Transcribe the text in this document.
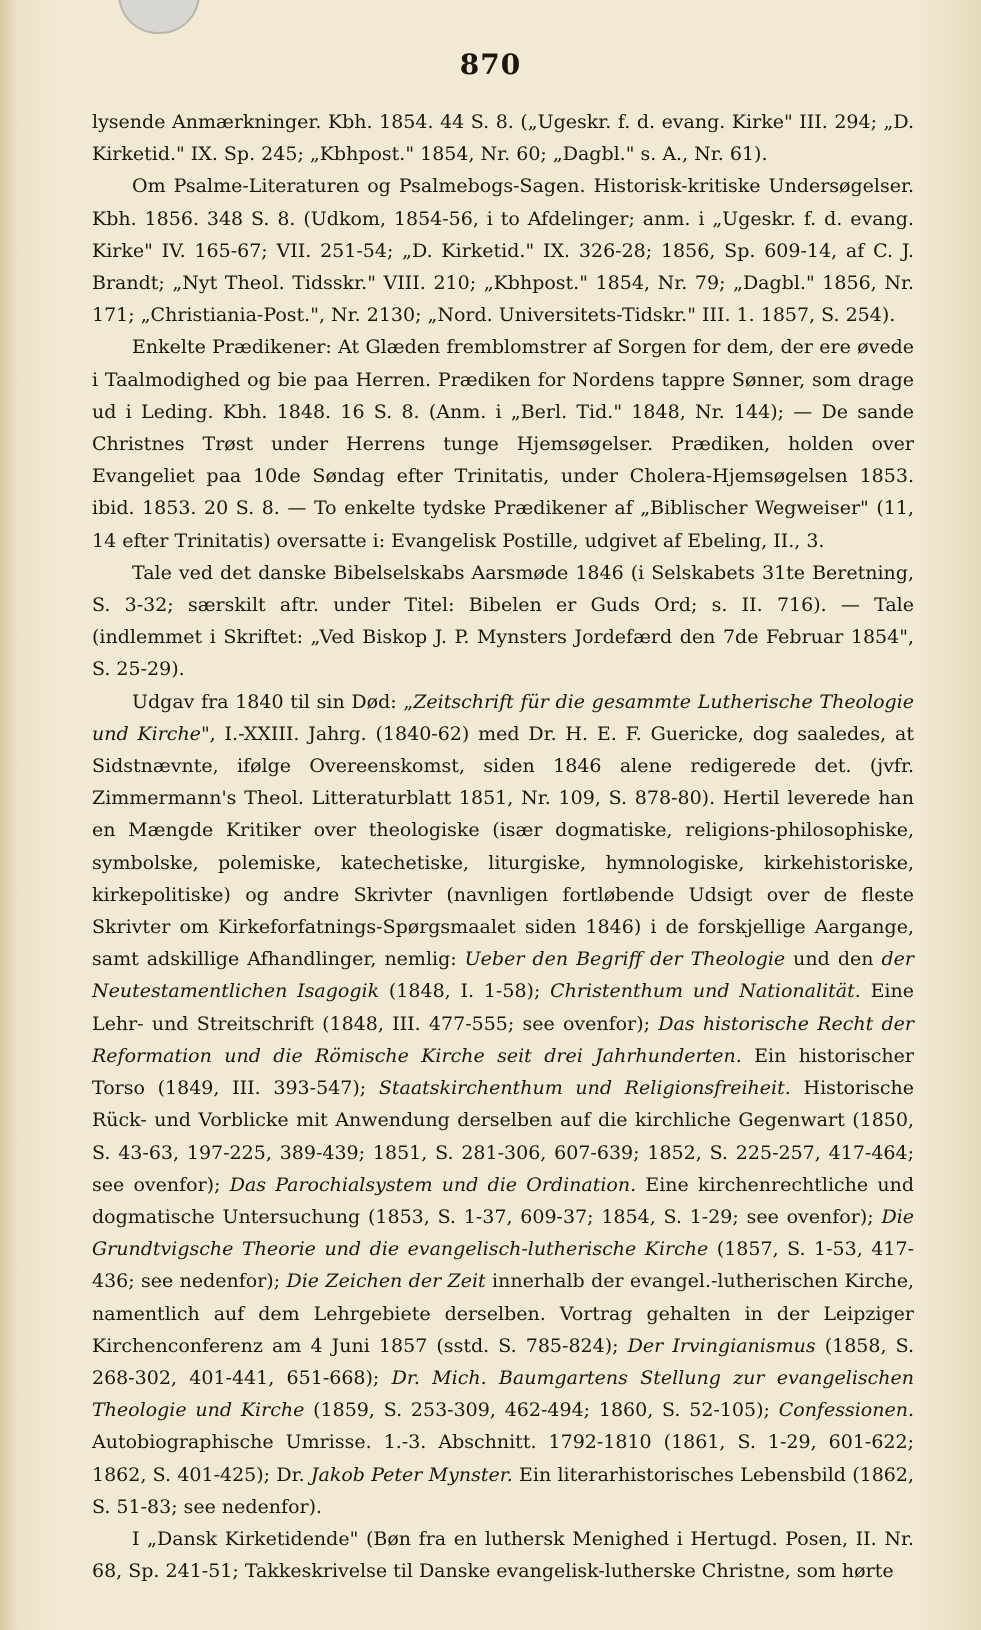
870

lysende Anmærkninger. Kbh. 1854. 44 S. 8. („Ugeskr. f. d. evang. Kirke" III. 294; „D. Kirketid." IX. Sp. 245; „Kbhpost." 1854, Nr. 60; „Dagbl." s. A., Nr. 61).

Om Psalme-Literaturen og Psalmebogs-Sagen. Historisk-kritiske Undersøgelser. Kbh. 1856. 348 S. 8. (Udkom, 1854-56, i to Afdelinger; anm. i „Ugeskr. f. d. evang. Kirke" IV. 165-67; VII. 251-54; „D. Kirketid." IX. 326-28; 1856, Sp. 609-14, af C. J. Brandt; „Nyt Theol. Tidsskr." VIII. 210; „Kbhpost." 1854, Nr. 79; „Dagbl." 1856, Nr. 171; „Christiania-Post.", Nr. 2130; „Nord. Universitets-Tidskr." III. 1. 1857, S. 254).

Enkelte Prædikener: At Glæden fremblomstrer af Sorgen for dem, der ere øvede i Taalmodighed og bie paa Herren. Prædiken for Nordens tappre Sønner, som drage ud i Leding. Kbh. 1848. 16 S. 8. (Anm. i „Berl. Tid." 1848, Nr. 144); — De sande Christnes Trøst under Herrens tunge Hjemsøgelser. Prædiken, holden over Evangeliet paa 10de Søndag efter Trinitatis, under Cholera-Hjemsøgelsen 1853. ibid. 1853. 20 S. 8. — To enkelte tydske Prædikener af „Biblischer Wegweiser" (11, 14 efter Trinitatis) oversatte i: Evangelisk Postille, udgivet af Ebeling, II., 3.

Tale ved det danske Bibelselskabs Aarsmøde 1846 (i Selskabets 31te Beretning, S. 3-32; særskilt aftr. under Titel: Bibelen er Guds Ord; s. II. 716). — Tale (indlemmet i Skriftet: „Ved Biskop J. P. Mynsters Jordefærd den 7de Februar 1854", S. 25-29).

Udgav fra 1840 til sin Død: „Zeitschrift für die gesammte Lutherische Theologie und Kirche", I.-XXIII. Jahrg. (1840-62) med Dr. H. E. F. Guericke, dog saaledes, at Sidstnævnte, ifølge Overeenskomst, siden 1846 alene redigerede det. (jvfr. Zimmermann's Theol. Litteraturblatt 1851, Nr. 109, S. 878-80). Hertil leverede han en Mængde Kritiker over theologiske (især dogmatiske, religions-philosophiske, symbolske, polemiske, katechetiske, liturgiske, hymnologiske, kirkehistoriske, kirkepolitiske) og andre Skrivter (navnligen fortløbende Udsigt over de fleste Skrivter om Kirkeforfatnings-Spørgsmaalet siden 1846) i de forskjellige Aargange, samt adskillige Afhandlinger, nemlig: Ueber den Begriff der Theologie und den der Neutestamentlichen Isagogik (1848, I. 1-58); Christenthum und Nationalität. Eine Lehr- und Streitschrift (1848, III. 477-555; see ovenfor); Das historische Recht der Reformation und die Römische Kirche seit drei Jahrhunderten. Ein historischer Torso (1849, III. 393-547); Staatskirchenthum und Religionsfreiheit. Historische Rück- und Vorblicke mit Anwendung derselben auf die kirchliche Gegenwart (1850, S. 43-63, 197-225, 389-439; 1851, S. 281-306, 607-639; 1852, S. 225-257, 417-464; see ovenfor); Das Parochialsystem und die Ordination. Eine kirchenrechtliche und dogmatische Untersuchung (1853, S. 1-37, 609-37; 1854, S. 1-29; see ovenfor); Die Grundtvigsche Theorie und die evangelisch-lutherische Kirche (1857, S. 1-53, 417-436; see nedenfor); Die Zeichen der Zeit innerhalb der evangel.-lutherischen Kirche, namentlich auf dem Lehrgebiete derselben. Vortrag gehalten in der Leipziger Kirchenconferenz am 4 Juni 1857 (sstd. S. 785-824); Der Irvingianismus (1858, S. 268-302, 401-441, 651-668); Dr. Mich. Baumgartens Stellung zur evangelischen Theologie und Kirche (1859, S. 253-309, 462-494; 1860, S. 52-105); Confessionen. Autobiographische Umrisse. 1.-3. Abschnitt. 1792-1810 (1861, S. 1-29, 601-622; 1862, S. 401-425); Dr. Jakob Peter Mynster. Ein literarhistorisches Lebensbild (1862, S. 51-83; see nedenfor).

I „Dansk Kirketidende" (Bøn fra en luthersk Menighed i Hertugd. Posen, II. Nr. 68, Sp. 241-51; Takkeskrivelse til Danske evangelisk-lutherske Christne, som hørte
